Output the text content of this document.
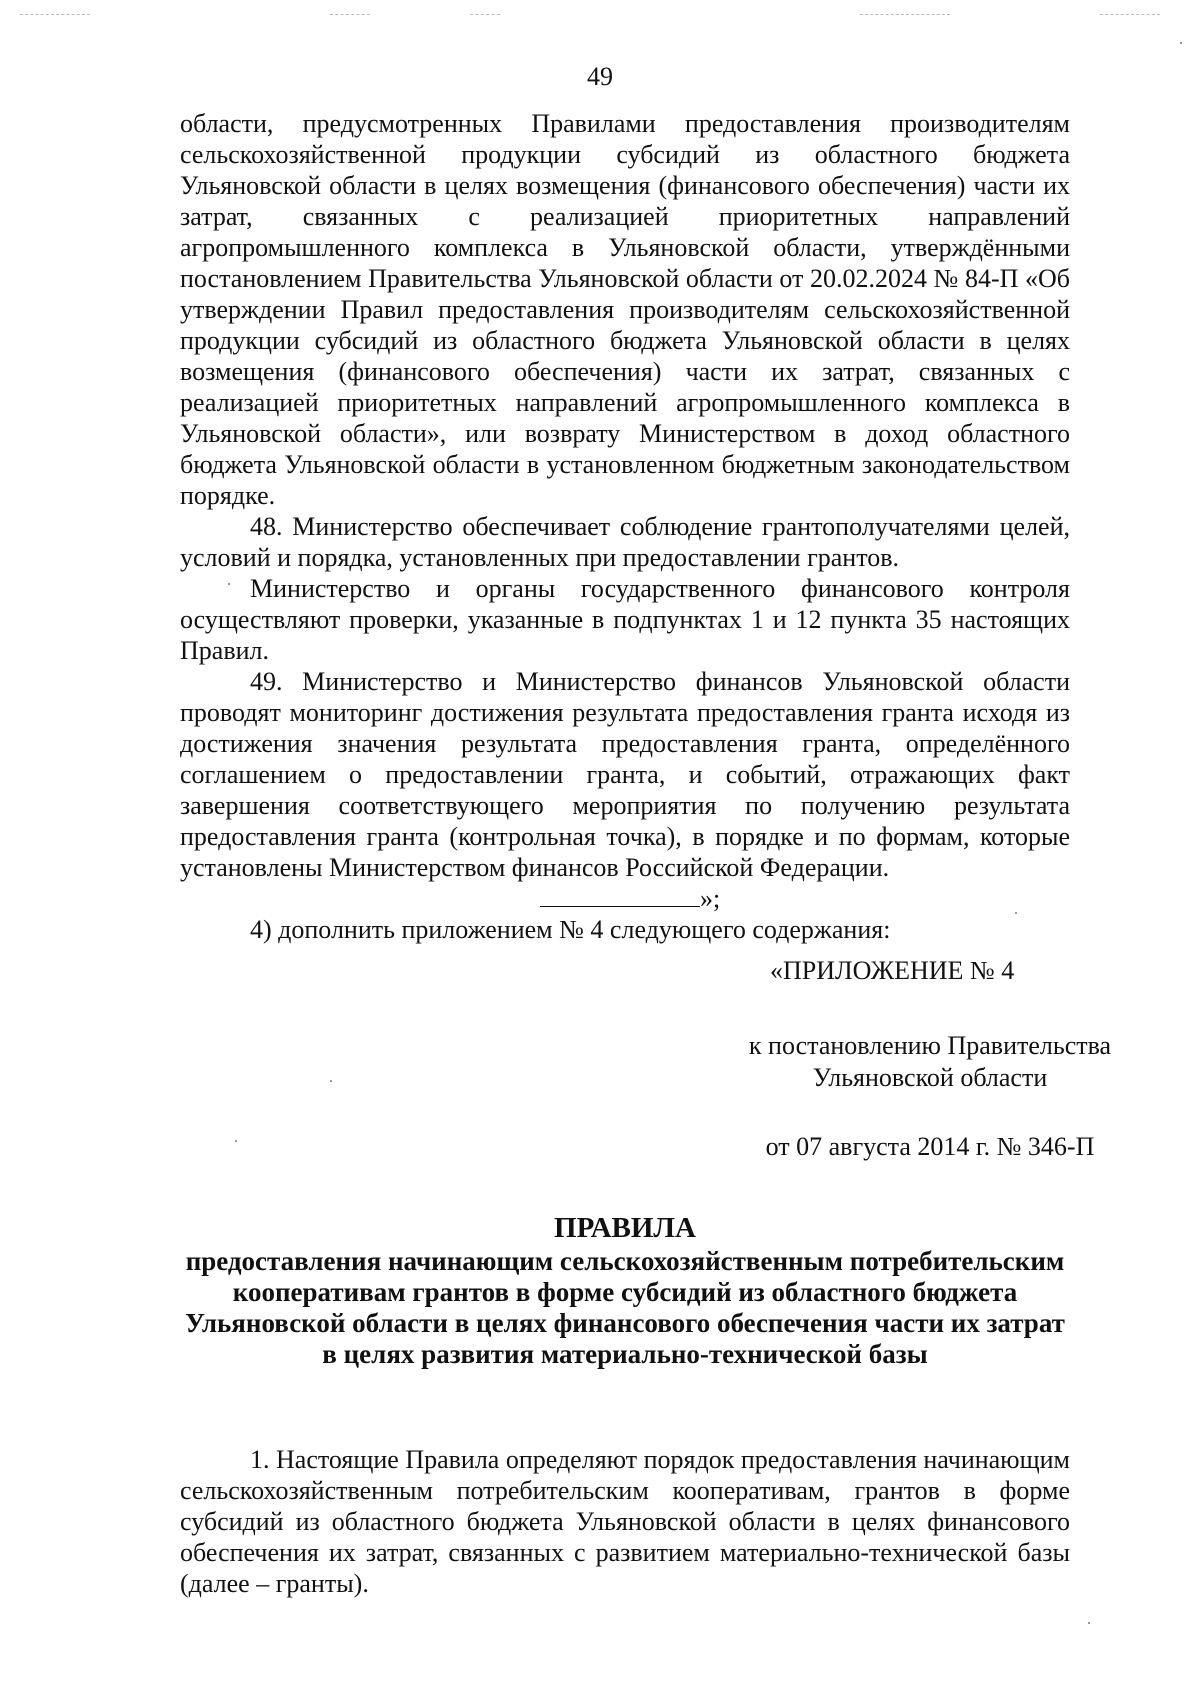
49

области, предусмотренных Правилами предоставления производителям сельскохозяйственной продукции субсидий из областного бюджета Ульяновской области в целях возмещения (финансового обеспечения) части их затрат, связанных с реализацией приоритетных направлений агропромышленного комплекса в Ульяновской области, утверждёнными постановлением Правительства Ульяновской области от 20.02.2024 № 84-П «Об утверждении Правил предоставления производителям сельскохозяйственной продукции субсидий из областного бюджета Ульяновской области в целях возмещения (финансового обеспечения) части их затрат, связанных с реализацией приоритетных направлений агропромышленного комплекса в Ульяновской области», или возврату Министерством в доход областного бюджета Ульяновской области в установленном бюджетным законодательством порядке.

48. Министерство обеспечивает соблюдение грантополучателями целей, условий и порядка, установленных при предоставлении грантов.

Министерство и органы государственного финансового контроля осуществляют проверки, указанные в подпунктах 1 и 12 пункта 35 настоящих Правил.

49. Министерство и Министерство финансов Ульяновской области проводят мониторинг достижения результата предоставления гранта исходя из достижения значения результата предоставления гранта, определённого соглашением о предоставлении гранта, и событий, отражающих факт завершения соответствующего мероприятия по получению результата предоставления гранта (контрольная точка), в порядке и по формам, которые установлены Министерством финансов Российской Федерации.

»;

4) дополнить приложением № 4 следующего содержания:

«ПРИЛОЖЕНИЕ № 4
к постановлению Правительства
Ульяновской области
от 07 августа 2014 г. № 346-П
ПРАВИЛА
предоставления начинающим сельскохозяйственным потребительским
кооперативам грантов в форме субсидий из областного бюджета
Ульяновской области в целях финансового обеспечения части их затрат
в целях развития материально-технической базы

1. Настоящие Правила определяют порядок предоставления начинающим сельскохозяйственным потребительским кооперативам, грантов в форме субсидий из областного бюджета Ульяновской области в целях финансового обеспечения их затрат, связанных с развитием материально-технической базы (далее – гранты).
